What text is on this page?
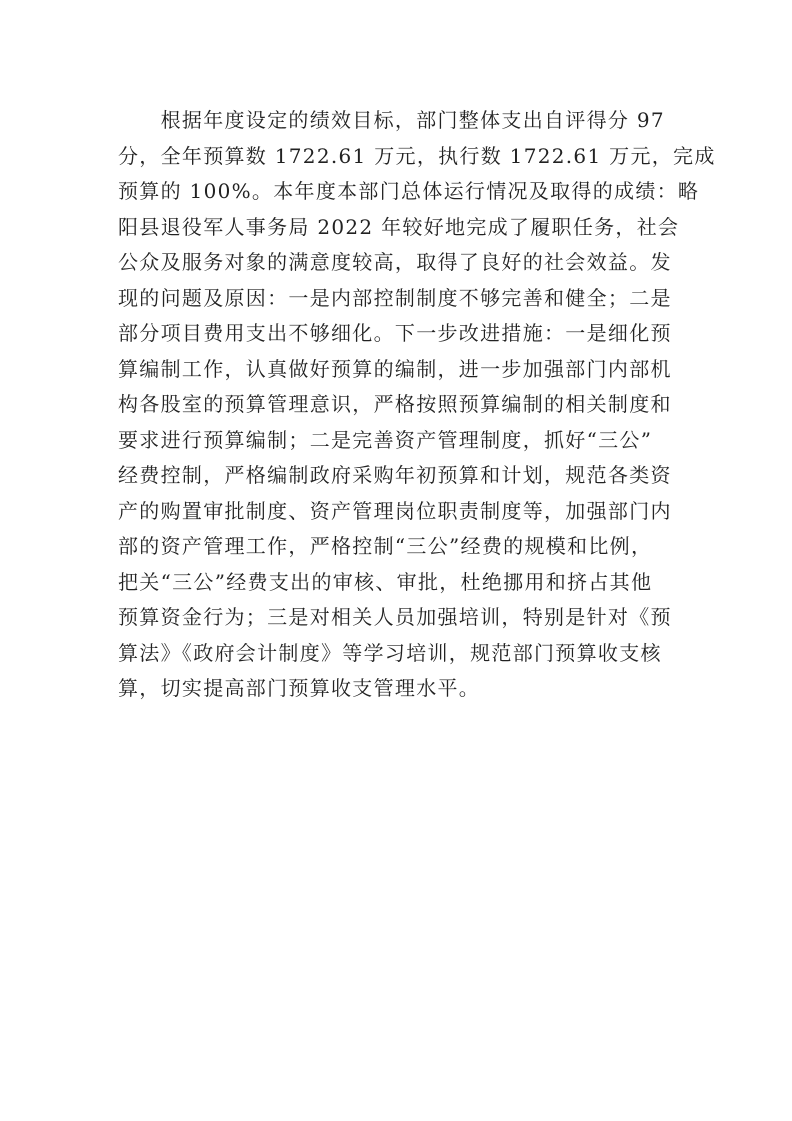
　　根据年度设定的绩效目标，部门整体支出自评得分 97
分，全年预算数 1722.61 万元，执行数 1722.61 万元，完成
预算的 100%。本年度本部门总体运行情况及取得的成绩：略
阳县退役军人事务局 2022 年较好地完成了履职任务，社会
公众及服务对象的满意度较高，取得了良好的社会效益。发
现的问题及原因：一是内部控制制度不够完善和健全；二是
部分项目费用支出不够细化。下一步改进措施：一是细化预
算编制工作，认真做好预算的编制，进一步加强部门内部机
构各股室的预算管理意识，严格按照预算编制的相关制度和
要求进行预算编制；二是完善资产管理制度，抓好“三公”
经费控制，严格编制政府采购年初预算和计划，规范各类资
产的购置审批制度、资产管理岗位职责制度等，加强部门内
部的资产管理工作，严格控制“三公”经费的规模和比例，
把关“三公”经费支出的审核、审批，杜绝挪用和挤占其他
预算资金行为；三是对相关人员加强培训，特别是针对《预
算法》《政府会计制度》等学习培训，规范部门预算收支核
算，切实提高部门预算收支管理水平。
